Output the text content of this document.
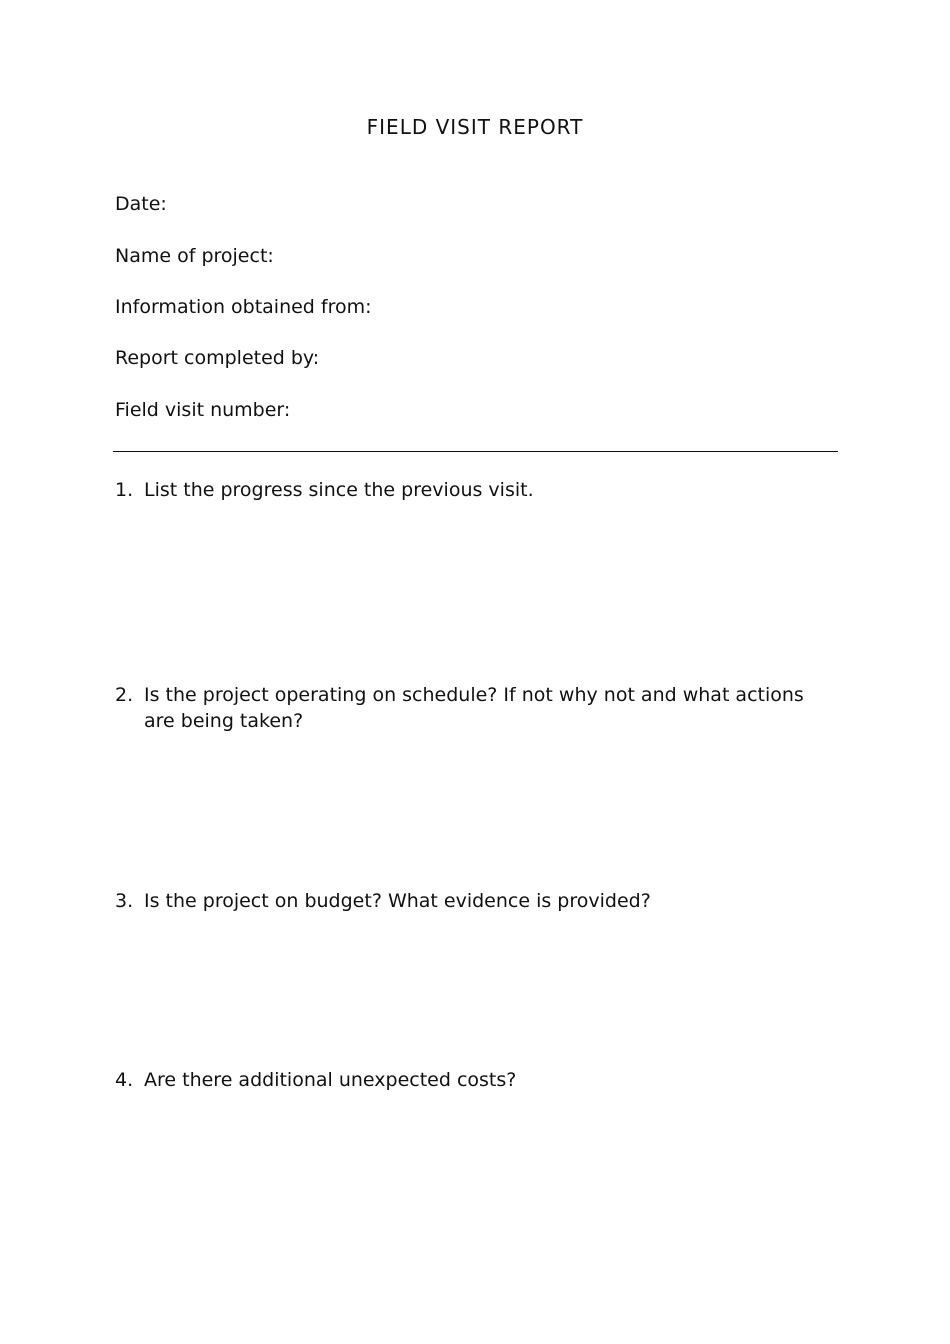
FIELD VISIT REPORT
Date:
Name of project:
Information obtained from:
Report completed by:
Field visit number:
1. List the progress since the previous visit.
2. Is the project operating on schedule? If not why not and what actions are being taken?
3. Is the project on budget? What evidence is provided?
4. Are there additional unexpected costs?
